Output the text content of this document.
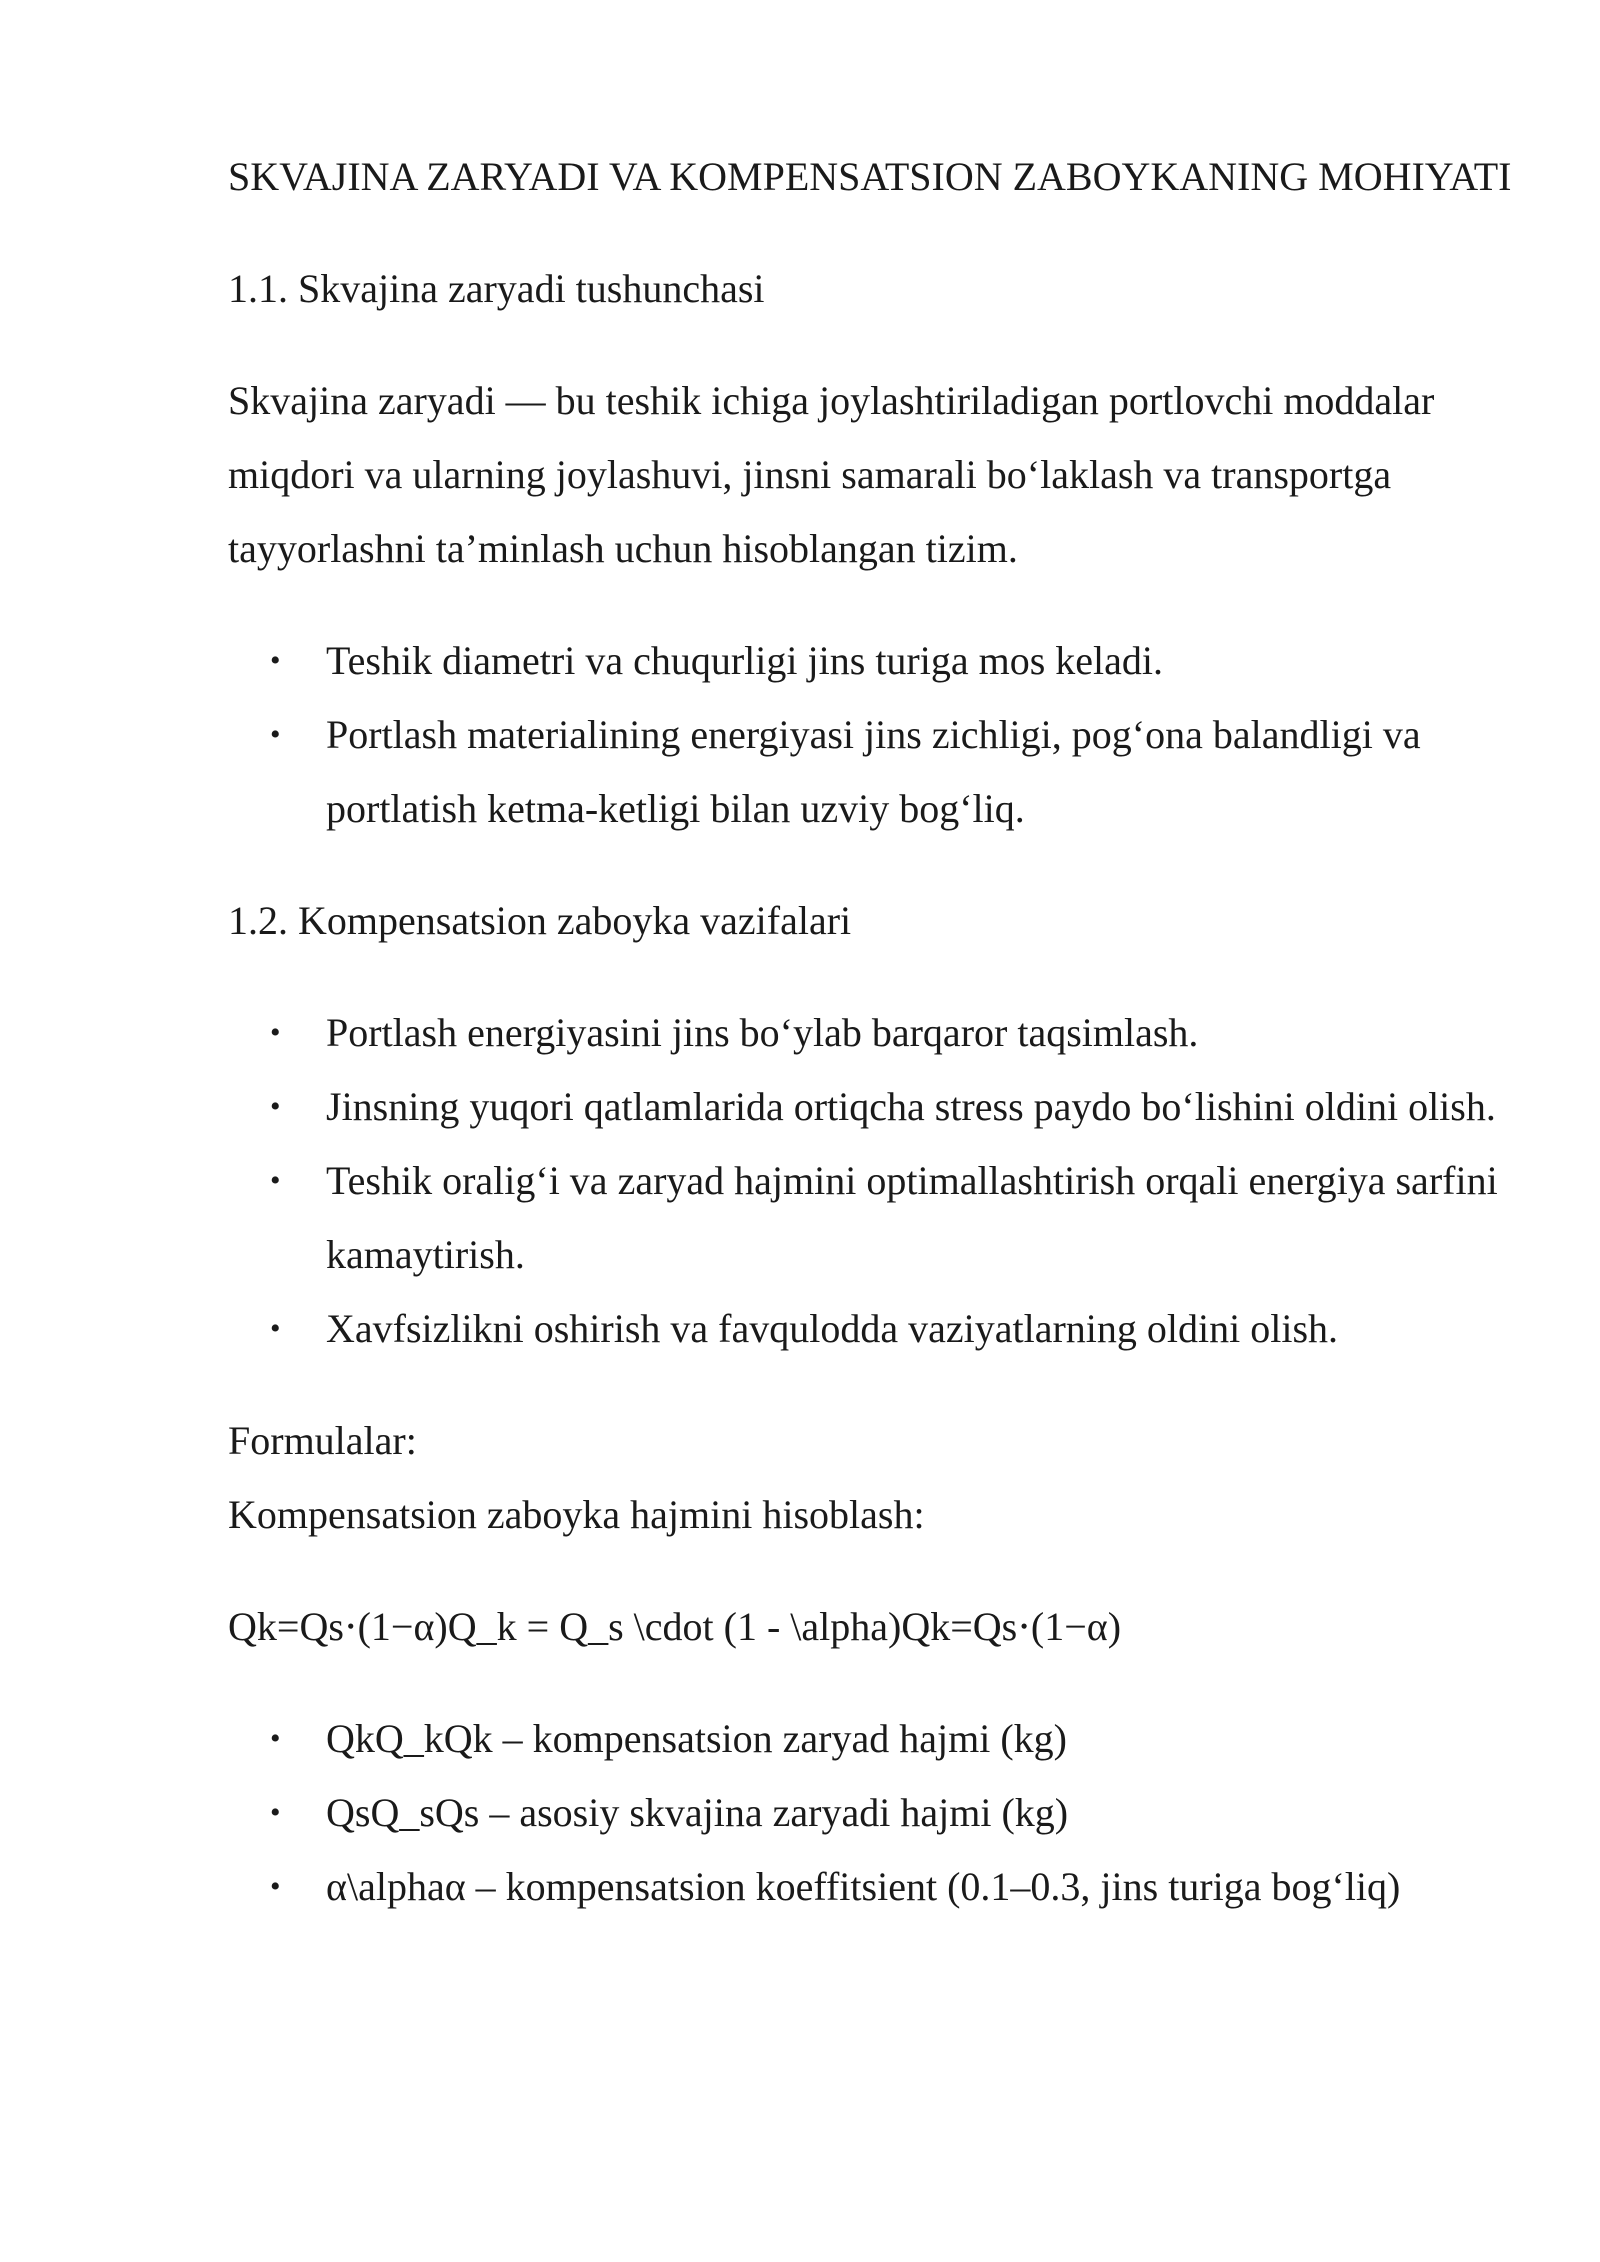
SKVAJINA ZARYADI VA KOMPENSATSION ZABOYKANING MOHIYATI
1.1. Skvajina zaryadi tushunchasi

Skvajina zaryadi — bu teshik ichiga joylashtiriladigan portlovchi moddalar miqdori va ularning joylashuvi, jinsni samarali bo‘laklash va transportga tayyorlashni ta’minlash uchun hisoblangan tizim.

• Teshik diametri va chuqurligi jins turiga mos keladi.
• Portlash materialining energiyasi jins zichligi, pog‘ona balandligi va portlatish ketma-ketligi bilan uzviy bog‘liq.
1.2. Kompensatsion zaboyka vazifalari
• Portlash energiyasini jins bo‘ylab barqaror taqsimlash.
• Jinsning yuqori qatlamlarida ortiqcha stress paydo bo‘lishini oldini olish.
• Teshik oralig‘i va zaryad hajmini optimallashtirish orqali energiya sarfini kamaytirish.
• Xavfsizlikni oshirish va favqulodda vaziyatlarning oldini olish.
Formulalar:
Kompensatsion zaboyka hajmini hisoblash:

Qk=Qs⋅(1−α)Q_k = Q_s \cdot (1 - \alpha)Qk=Qs⋅(1−α)

• QkQ_kQk – kompensatsion zaryad hajmi (kg)
• QsQ_sQs – asosiy skvajina zaryadi hajmi (kg)
• α\alphaα – kompensatsion koeffitsient (0.1–0.3, jins turiga bog‘liq)
